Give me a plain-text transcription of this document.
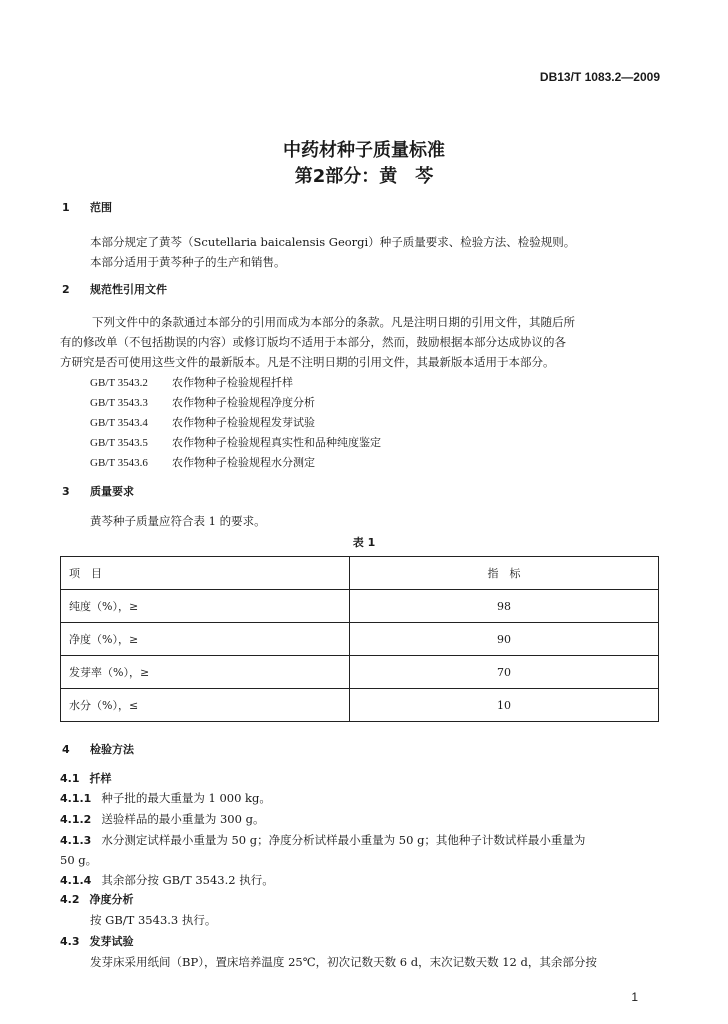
DB13/T 1083.2—2009
中药材种子质量标准
第2部分：黄　芩
1 范围
本部分规定了黄芩（Scutellaria baicalensis Georgi）种子质量要求、检验方法、检验规则。
本部分适用于黄芩种子的生产和销售。
2 规范性引用文件
下列文件中的条款通过本部分的引用而成为本部分的条款。凡是注明日期的引用文件，其随后所
有的修改单（不包括勘误的内容）或修订版均不适用于本部分，然而，鼓励根据本部分达成协议的各
方研究是否可使用这些文件的最新版本。凡是不注明日期的引用文件，其最新版本适用于本部分。
GB/T 3543.2 农作物种子检验规程扦样
GB/T 3543.3 农作物种子检验规程净度分析
GB/T 3543.4 农作物种子检验规程发芽试验
GB/T 3543.5 农作物种子检验规程真实性和品种纯度鉴定
GB/T 3543.6 农作物种子检验规程水分测定
3 质量要求
黄芩种子质量应符合表 1 的要求。
表 1
项　目	指　标
纯度（%），≥	98
净度（%），≥	90
发芽率（%），≥	70
水分（%），≤	10
4 检验方法
4.1 扦样
4.1.1 种子批的最大重量为 1 000 kg。
4.1.2 送验样品的最小重量为 300 g。
4.1.3 水分测定试样最小重量为 50 g；净度分析试样最小重量为 50 g；其他种子计数试样最小重量为
50 g。
4.1.4 其余部分按 GB/T 3543.2 执行。
4.2 净度分析
按 GB/T 3543.3 执行。
4.3 发芽试验
发芽床采用纸间（BP），置床培养温度 25℃，初次记数天数 6 d，末次记数天数 12 d，其余部分按
1
